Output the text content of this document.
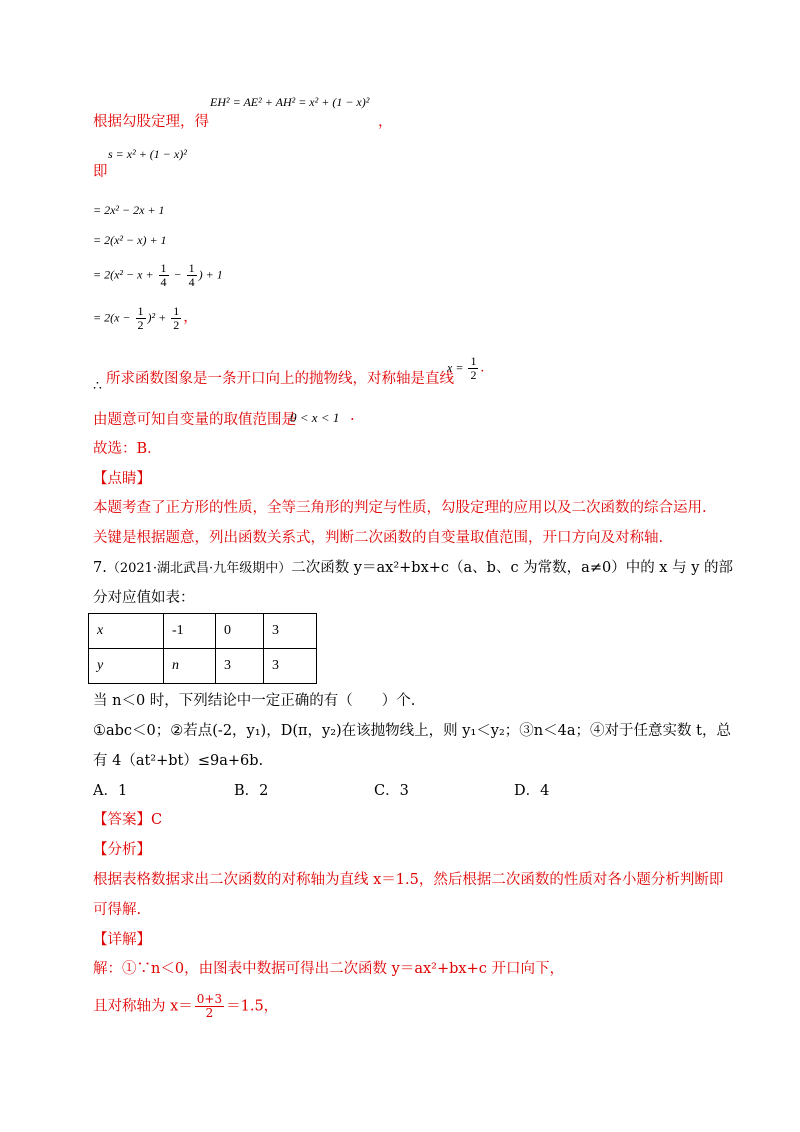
根据勾股定理，得
EH² = AE² + AH² = x² + (1 − x)²
，
s = x² + (1 − x)²
即
= 2x² − 2x + 1
= 2(x² − x) + 1
= $2(x^2 - x + \frac{1}{4} - \frac{1}{4}$ ) + 1
= $2(x - \frac{1}{2} )^2 + \frac{1}{2}$ ，
∴ 所求函数图象是一条开口向上的抛物线，对称轴是直线
$x = \frac{1}{2}$ .
由题意可知自变量的取值范围是
0 < x < 1 .
故选：B．
【点睛】
本题考查了正方形的性质，全等三角形的判定与性质，勾股定理的应用以及二次函数的综合运用.
关键是根据题意，列出函数关系式，判断二次函数的自变量取值范围，开口方向及对称轴.
7.（2021·湖北武昌·九年级期中）二次函数 y＝ax²+bx+c（a、b、c 为常数，a≠0）中的 x 与 y 的部
分对应值如表：
x	-1	0	3
y	n	3	3
当 n＜0 时，下列结论中一定正确的有（　　）个.
①abc＜0；②若点(-2，y₁)，D(π，y₂)在该抛物线上，则 y₁＜y₂；③n＜4a；④对于任意实数 t，总
有 4（at²+bt）≤9a+6b.
A．1	B．2	C．3	D．4
【答案】C
【分析】
根据表格数据求出二次函数的对称轴为直线 x＝1.5，然后根据二次函数的性质对各小题分析判断即
可得解.
【详解】
解：①∵n＜0，由图表中数据可得出二次函数 y＝ax²+bx+c 开口向下，
且对称轴为 $x= \frac{0+3}{2} =1.5$，
